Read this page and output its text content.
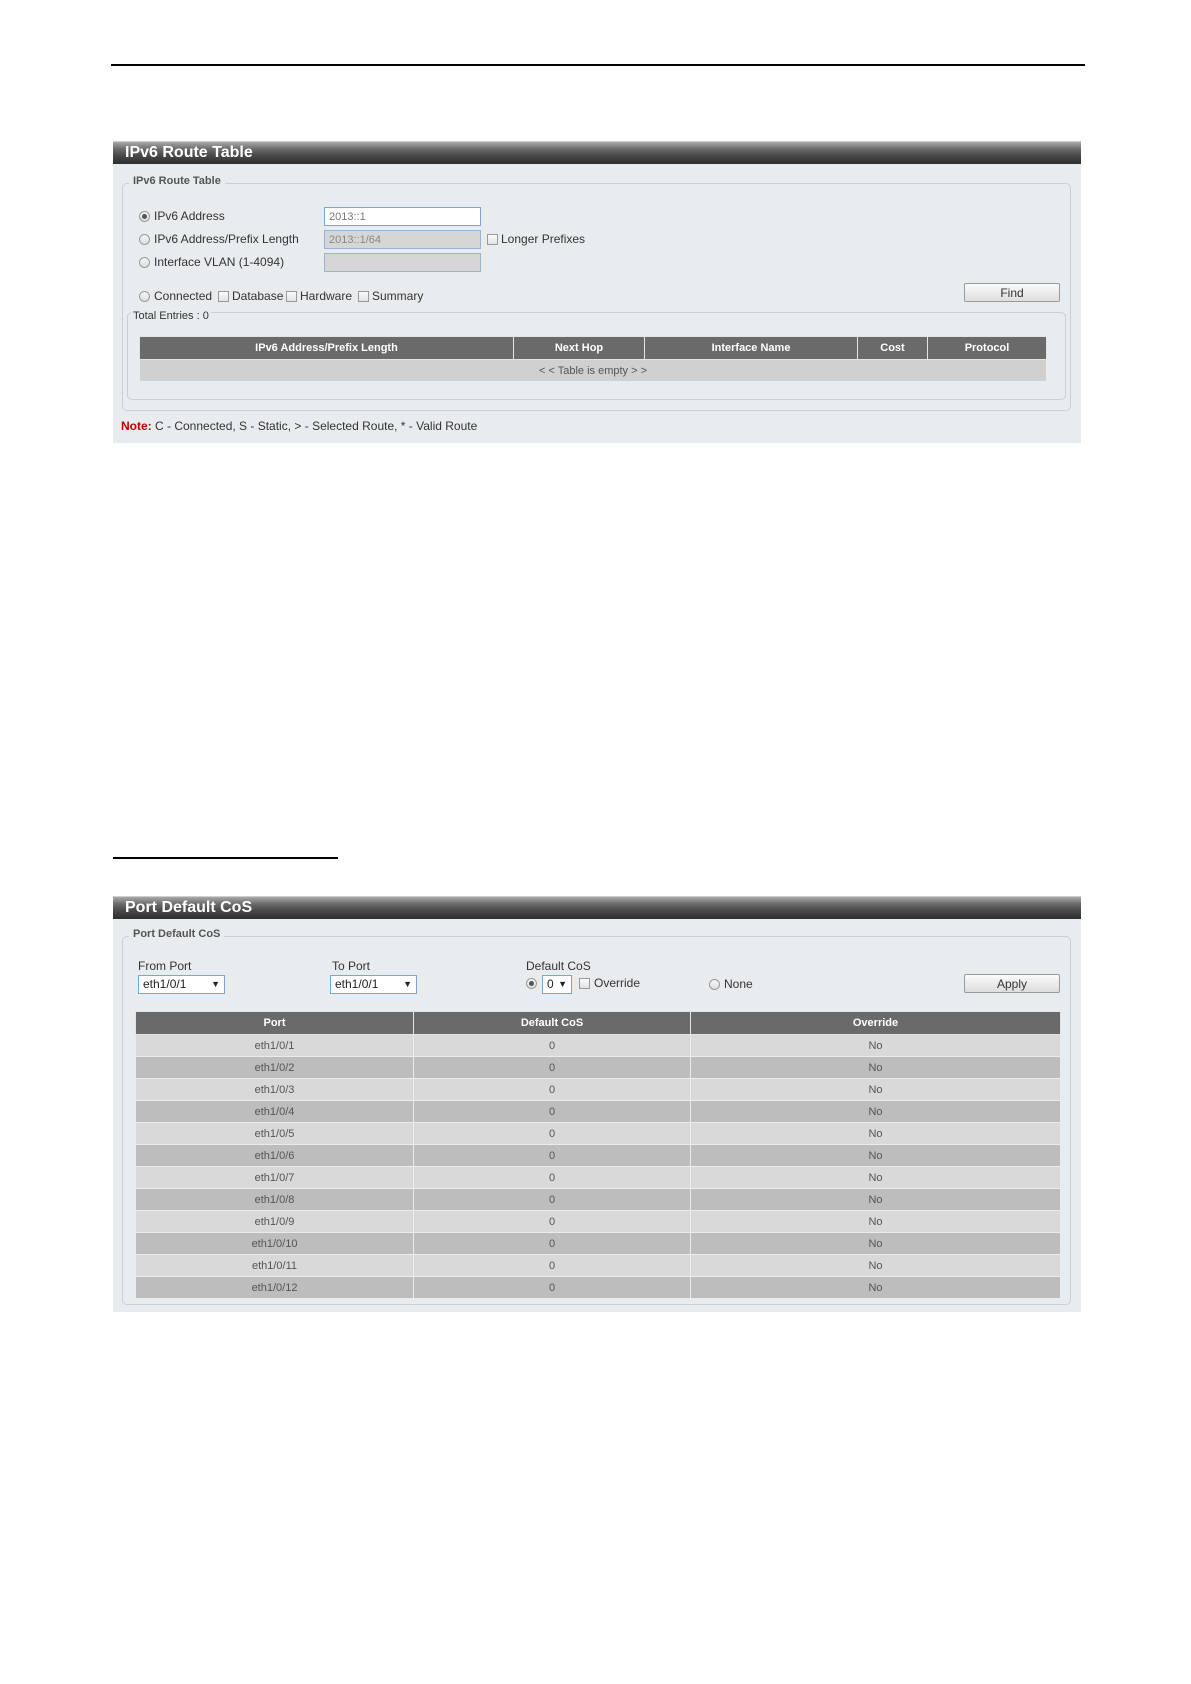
IPv6 Route Table
IPv6 Route Table
IPv6 Address
2013::1
IPv6 Address/Prefix Length
2013::1/64	Longer Prefixes
Interface VLAN (1-4094)
Connected Database Hardware Summary	Find
Total Entries : 0
IPv6 Address/Prefix Length	Next Hop	Interface Name	Cost	Protocol
< < Table is empty > >
Note: C - Connected, S - Static, > - Selected Route, * - Valid Route
Port Default CoS
Port Default CoS
From Port
eth1/0/1	▼
To Port
eth1/0/1	▼
Default CoS
0 ▼ Override	None	Apply
Port	Default CoS	Override
eth1/0/1	0	No
eth1/0/2	0	No
eth1/0/3	0	No
eth1/0/4	0	No
eth1/0/5	0	No
eth1/0/6	0	No
eth1/0/7	0	No
eth1/0/8	0	No
eth1/0/9	0	No
eth1/0/10	0	No
eth1/0/11	0	No
eth1/0/12	0	No
